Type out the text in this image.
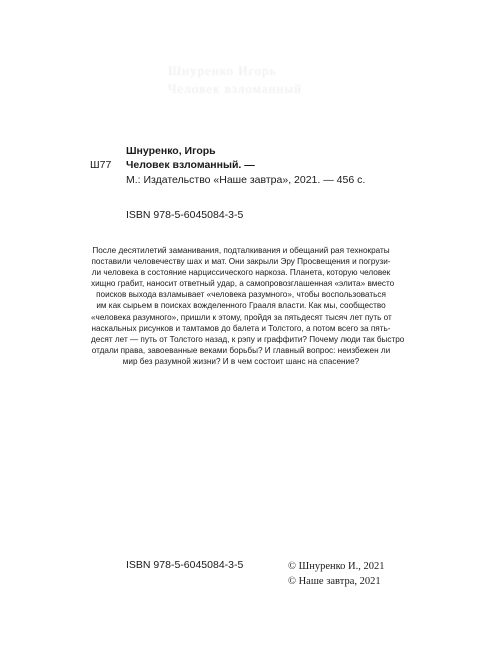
Шнуренко Игорь
Человек взломанный
Шнуренко, Игорь
Ш77 Человек взломанный. —
М.: Издательство «Наше завтра», 2021. — 456 с.
ISBN 978-5-6045084-3-5
После десятилетий заманивания, подталкивания и обещаний рая технократы
поставили человечеству шах и мат. Они закрыли Эру Просвещения и погрузи-
ли человека в состояние нарциссического наркоза. Планета, которую человек
хищно грабит, наносит ответный удар, а самопровозглашенная «элита» вместо
поисков выхода взламывает «человека разумного», чтобы воспользоваться
им как сырьем в поисках вожделенного Грааля власти. Как мы, сообщество
«человека разумного», пришли к этому, пройдя за пятьдесят тысяч лет путь от
наскальных рисунков и тамтамов до балета и Толстого, а потом всего за пять-
десят лет — путь от Толстого назад, к рэпу и граффити? Почему люди так быстро
отдали права, завоеванные веками борьбы? И главный вопрос: неизбежен ли
мир без разумной жизни? И в чем состоит шанс на спасение?
ISBN 978-5-6045084-3-5	© Шнуренко И., 2021
© Наше завтра, 2021
